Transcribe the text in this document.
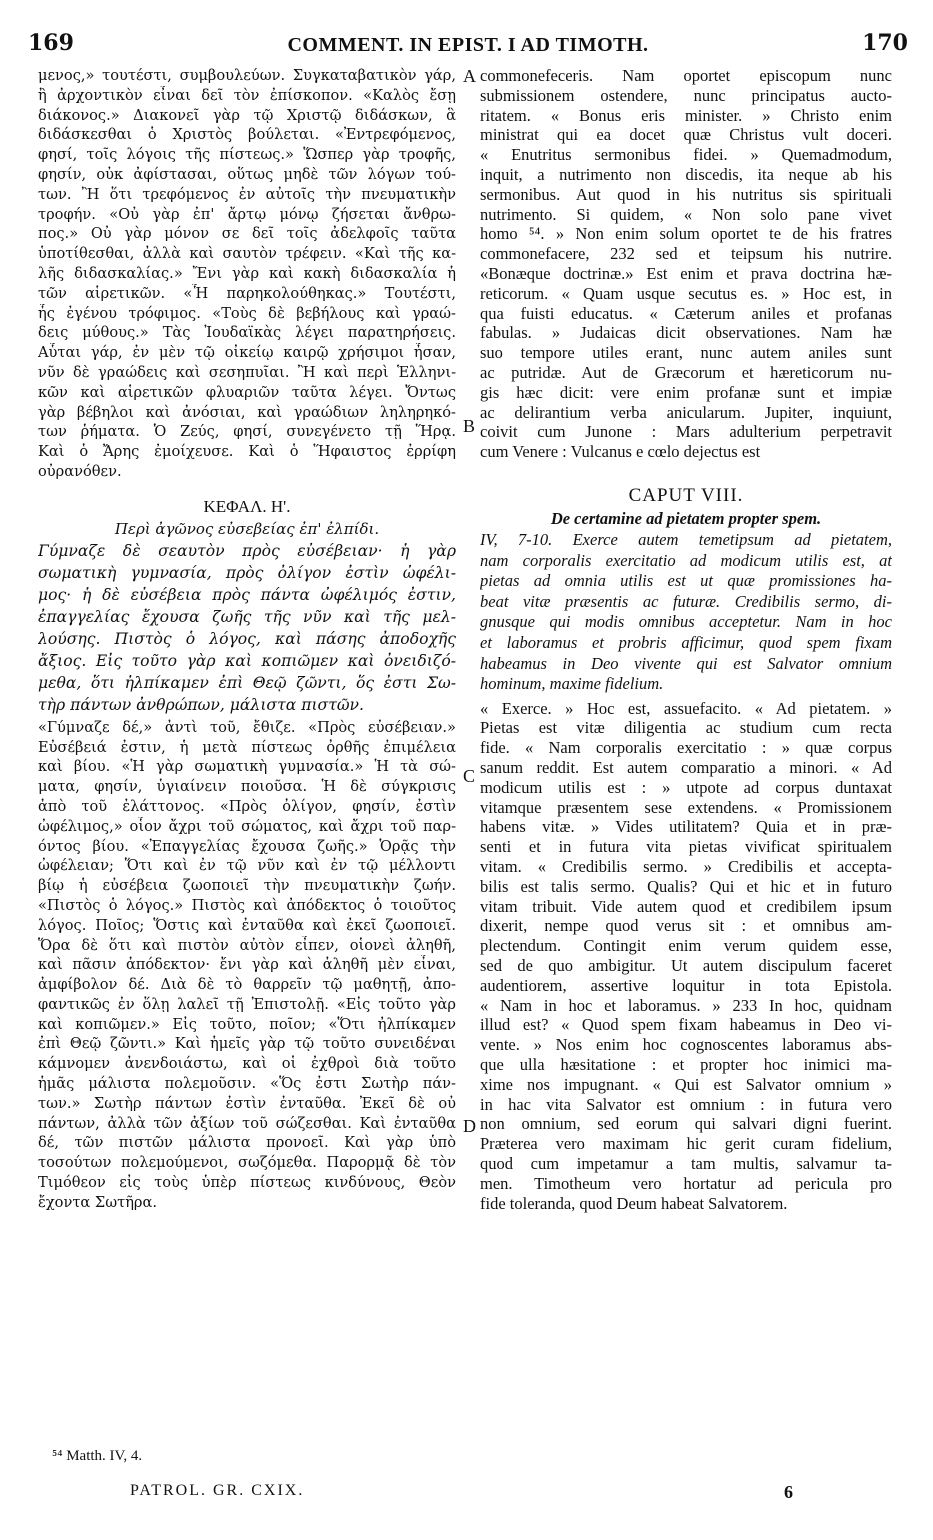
169	COMMENT. IN EPIST. I AD TIMOTH.	170
μενος,» τουτέστι, συμβουλεύων. Συγκαταβατικὸν γάρ,
ἢ ἀρχοντικὸν εἶναι δεῖ τὸν ἐπίσκοπον. «Καλὸς ἔσῃ
διάκονος.» Διακονεῖ γὰρ τῷ Χριστῷ διδάσκων, ἃ
διδάσκεσθαι ὁ Χριστὸς βούλεται. «Ἐντρεφόμενος,
φησί, τοῖς λόγοις τῆς πίστεως.» Ὥσπερ γὰρ τροφῆς,
φησίν, οὐκ ἀφίστασαι, οὕτως μηδὲ τῶν λόγων τού-
των. Ἢ ὅτι τρεφόμενος ἐν αὐτοῖς τὴν πνευματικὴν
τροφήν. «Οὐ γὰρ ἐπ' ἄρτῳ μόνῳ ζήσεται ἄνθρω-
πος.» Οὐ γὰρ μόνον σε δεῖ τοῖς ἀδελφοῖς ταῦτα
ὑποτίθεσθαι, ἀλλὰ καὶ σαυτὸν τρέφειν. «Καὶ τῆς κα-
λῆς διδασκαλίας.» Ἔνι γὰρ καὶ κακὴ διδασκαλία ἡ
τῶν αἱρετικῶν. «Ἧ παρηκολούθηκας.» Τουτέστι,
ἧς ἐγένου τρόφιμος. «Τοὺς δὲ βεβήλους καὶ γραώ-
δεις μύθους.» Τὰς Ἰουδαϊκὰς λέγει παρατηρήσεις.
Αὗται γάρ, ἐν μὲν τῷ οἰκείῳ καιρῷ χρήσιμοι ἦσαν,
νῦν δὲ γραώδεις καὶ σεσηπυῖαι. Ἢ καὶ περὶ Ἑλληνι-
κῶν καὶ αἱρετικῶν φλυαριῶν ταῦτα λέγει. Ὄντως
γὰρ βέβηλοι καὶ ἀνόσιαι, καὶ γραώδιων ληληρηκό-
των ῥήματα. Ὁ Ζεύς, φησί, συνεγένετο τῇ Ἥρᾳ.
Καὶ ὁ Ἄρης ἐμοίχευσε. Καὶ ὁ Ἥφαιστος ἐρρίφη
οὐρανόθεν.
ΚΕΦΑΛ. Η'.
Περὶ ἀγῶνος εὐσεβείας ἐπ' ἐλπίδι.
Γύμναζε δὲ σεαυτὸν πρὸς εὐσέβειαν· ἡ γὰρ
σωματικὴ γυμνασία, πρὸς ὀλίγον ἐστὶν ὠφέλι-
μος· ἡ δὲ εὐσέβεια πρὸς πάντα ὠφέλιμός ἐστιν,
ἐπαγγελίας ἔχουσα ζωῆς τῆς νῦν καὶ τῆς μελ-
λούσης. Πιστὸς ὁ λόγος, καὶ πάσης ἀποδοχῆς
ἄξιος. Εἰς τοῦτο γὰρ καὶ κοπιῶμεν καὶ ὀνειδιζό-
μεθα, ὅτι ἠλπίκαμεν ἐπὶ Θεῷ ζῶντι, ὅς ἐστι Σω-
τὴρ πάντων ἀνθρώπων, μάλιστα πιστῶν.
«Γύμναζε δέ,» ἀντὶ τοῦ, ἔθιζε. «Πρὸς εὐσέβειαν.»
Εὐσέβειά ἐστιν, ἡ μετὰ πίστεως ὀρθῆς ἐπιμέλεια
καὶ βίου. «Ἡ γὰρ σωματικὴ γυμνασία.» Ἡ τὰ σώ-
ματα, φησίν, ὑγιαίνειν ποιοῦσα. Ἡ δὲ σύγκρισις
ἀπὸ τοῦ ἐλάττονος. «Πρὸς ὀλίγον, φησίν, ἐστὶν
ὠφέλιμος,» οἷον ἄχρι τοῦ σώματος, καὶ ἄχρι τοῦ παρ-
όντος βίου. «Ἐπαγγελίας ἔχουσα ζωῆς.» Ὁρᾷς τὴν
ὠφέλειαν; Ὅτι καὶ ἐν τῷ νῦν καὶ ἐν τῷ μέλλοντι
βίῳ ἡ εὐσέβεια ζωοποιεῖ τὴν πνευματικὴν ζωήν.
«Πιστὸς ὁ λόγος.» Πιστὸς καὶ ἀπόδεκτος ὁ τοιοῦτος
λόγος. Ποῖος; Ὅστις καὶ ἐνταῦθα καὶ ἐκεῖ ζωοποιεῖ.
Ὅρα δὲ ὅτι καὶ πιστὸν αὐτὸν εἶπεν, οἱονεὶ ἀληθῆ,
καὶ πᾶσιν ἀπόδεκτον· ἔνι γὰρ καὶ ἀληθῆ μὲν εἶναι,
ἀμφίβολον δέ. Διὰ δὲ τὸ θαρρεῖν τῷ μαθητῇ, ἀπο-
φαντικῶς ἐν ὅλῃ λαλεῖ τῇ Ἐπιστολῇ. «Εἰς τοῦτο γὰρ
καὶ κοπιῶμεν.» Εἰς τοῦτο, ποῖον; «Ὅτι ἠλπίκαμεν
ἐπὶ Θεῷ ζῶντι.» Καὶ ἡμεῖς γὰρ τῷ τοῦτο συνειδέναι
κάμνομεν ἀνενδοιάστω, καὶ οἱ ἐχθροὶ διὰ τοῦτο
ἡμᾶς μάλιστα πολεμοῦσιν. «Ὅς ἐστι Σωτὴρ πάν-
των.» Σωτὴρ πάντων ἐστὶν ἐνταῦθα. Ἐκεῖ δὲ οὐ
πάντων, ἀλλὰ τῶν ἀξίων τοῦ σώζεσθαι. Καὶ ἐνταῦθα
δέ, τῶν πιστῶν μάλιστα προνοεῖ. Καὶ γὰρ ὑπὸ
τοσούτων πολεμούμενοι, σωζόμεθα. Παρορμᾷ δὲ τὸν
Τιμόθεον εἰς τοὺς ὑπὲρ πίστεως κινδύνους, Θεὸν
ἔχοντα Σωτῆρα.
commonefeceris. Nam oportet episcopum nunc
submissionem ostendere, nunc principatus aucto-
ritatem. « Bonus eris minister. » Christo enim
ministrat qui ea docet quæ Christus vult doceri.
« Enutritus sermonibus fidei. » Quemadmodum,
inquit, a nutrimento non discedis, ita neque ab his
sermonibus. Aut quod in his nutritus sis spirituali
nutrimento. Si quidem, « Non solo pane vivet
homo ⁵⁴. » Non enim solum oportet te de his fratres
commonefacere, 232 sed et teipsum his nutrire.
«Bonæque doctrinæ.» Est enim et prava doctrina hæ-
reticorum. « Quam usque secutus es. » Hoc est, in
qua fuisti educatus. « Cæterum aniles et profanas
fabulas. » Judaicas dicit observationes. Nam hæ
suo tempore utiles erant, nunc autem aniles sunt
ac putridæ. Aut de Græcorum et hæreticorum nu-
gis hæc dicit: vere enim profanæ sunt et impiæ
ac delirantium verba anicularum. Jupiter, inquiunt,
coivit cum Junone : Mars adulterium perpetravit
cum Venere : Vulcanus e cœlo dejectus est
CAPUT VIII.
De certamine ad pietatem propter spem.
IV, 7-10. Exerce autem temetipsum ad pietatem,
nam corporalis exercitatio ad modicum utilis est, at
pietas ad omnia utilis est ut quæ promissiones ha-
beat vitæ præsentis ac futuræ. Credibilis sermo, di-
gnusque qui modis omnibus acceptetur. Nam in hoc
et laboramus et probris afficimur, quod spem fixam
habeamus in Deo vivente qui est Salvator omnium
hominum, maxime fidelium.
« Exerce. » Hoc est, assuefacito. « Ad pietatem. »
Pietas est vitæ diligentia ac studium cum recta
fide. « Nam corporalis exercitatio : » quæ corpus
sanum reddit. Est autem comparatio a minori. « Ad
modicum utilis est : » utpote ad corpus duntaxat
vitamque præsentem sese extendens. « Promissionem
habens vitæ. » Vides utilitatem? Quia et in præ-
senti et in futura vita pietas vivificat spiritualem
vitam. « Credibilis sermo. » Credibilis et accepta-
bilis est talis sermo. Qualis? Qui et hic et in futuro
vitam tribuit. Vide autem quod et credibilem ipsum
dixerit, nempe quod verus sit : et omnibus am-
plectendum. Contingit enim verum quidem esse,
sed de quo ambigitur. Ut autem discipulum faceret
audentiorem, assertive loquitur in tota Epistola.
« Nam in hoc et laboramus. » 233 In hoc, quidnam
illud est? « Quod spem fixam habeamus in Deo vi-
vente. » Nos enim hoc cognoscentes laboramus abs-
que ulla hæsitatione : et propter hoc inimici ma-
xime nos impugnant. « Qui est Salvator omnium »
in hac vita Salvator est omnium : in futura vero
non omnium, sed eorum qui salvari digni fuerint.
Præterea vero maximam hic gerit curam fidelium,
quod cum impetamur a tam multis, salvamur ta-
men. Timotheum vero hortatur ad pericula pro
fide toleranda, quod Deum habeat Salvatorem.
A
B
C
D
⁵⁴ Matth. IV, 4.
PATROL. GR. CXIX.	6
